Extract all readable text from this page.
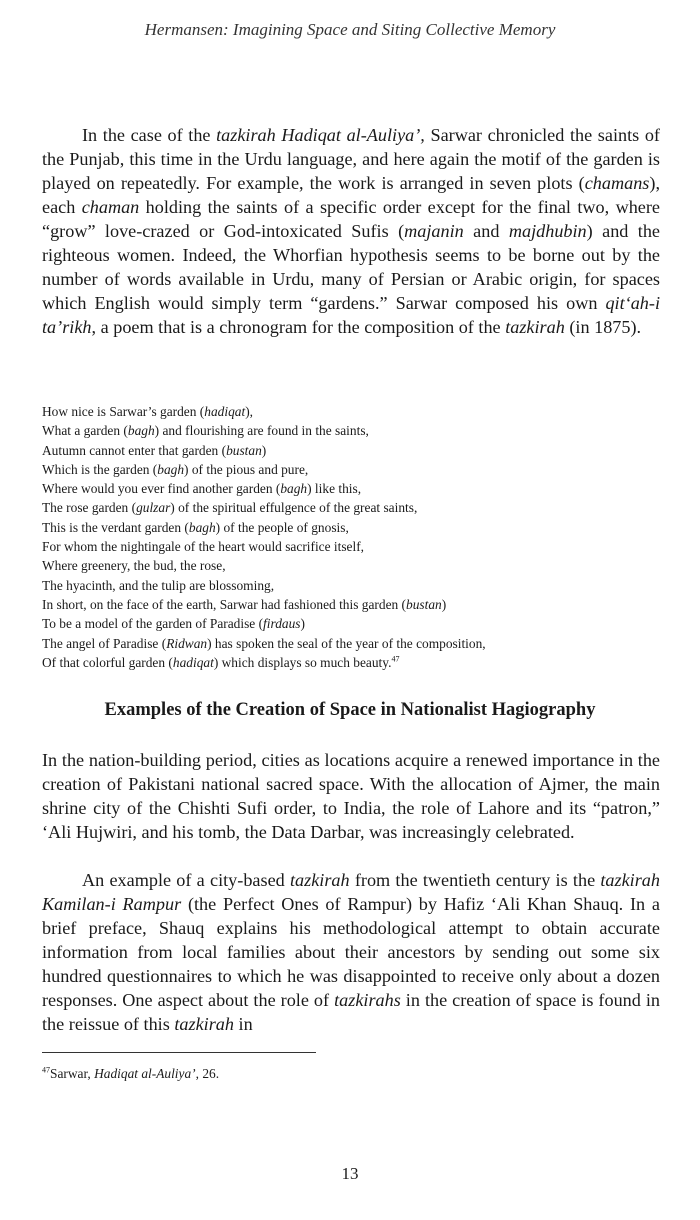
Hermansen: Imagining Space and Siting Collective Memory

In the case of the tazkirah Hadiqat al-Auliya’, Sarwar chronicled the saints of the Punjab, this time in the Urdu language, and here again the motif of the garden is played on repeatedly. For example, the work is arranged in seven plots (chamans), each chaman holding the saints of a specific order except for the final two, where “grow” love-crazed or God-intoxicated Sufis (majanin and majdhubin) and the righteous women. Indeed, the Whorfian hypothesis seems to be borne out by the number of words available in Urdu, many of Persian or Arabic origin, for spaces which English would simply term “gardens.” Sarwar composed his own qit‘ah-i ta’rikh, a poem that is a chronogram for the composition of the tazkirah (in 1875).

How nice is Sarwar’s garden (hadiqat),
What a garden (bagh) and flourishing are found in the saints,
Autumn cannot enter that garden (bustan)
Which is the garden (bagh) of the pious and pure,
Where would you ever find another garden (bagh) like this,
The rose garden (gulzar) of the spiritual effulgence of the great saints,
This is the verdant garden (bagh) of the people of gnosis,
For whom the nightingale of the heart would sacrifice itself,
Where greenery, the bud, the rose,
The hyacinth, and the tulip are blossoming,
In short, on the face of the earth, Sarwar had fashioned this garden (bustan)
To be a model of the garden of Paradise (firdaus)
The angel of Paradise (Ridwan) has spoken the seal of the year of the composition,
Of that colorful garden (hadiqat) which displays so much beauty.$^{47}$
Examples of the Creation of Space in Nationalist Hagiography

In the nation-building period, cities as locations acquire a renewed importance in the creation of Pakistani national sacred space. With the allocation of Ajmer, the main shrine city of the Chishti Sufi order, to India, the role of Lahore and its “patron,” ‘Ali Hujwiri, and his tomb, the Data Darbar, was increasingly celebrated.

An example of a city-based tazkirah from the twentieth century is the tazkirah Kamilan-i Rampur (the Perfect Ones of Rampur) by Hafiz ‘Ali Khan Shauq. In a brief preface, Shauq explains his methodological attempt to obtain accurate information from local families about their ancestors by sending out some six hundred questionnaires to which he was disappointed to receive only about a dozen responses. One aspect about the role of tazkirahs in the creation of space is found in the reissue of this tazkirah in

$^{47}$Sarwar, Hadiqat al-Auliya’, 26.
13
